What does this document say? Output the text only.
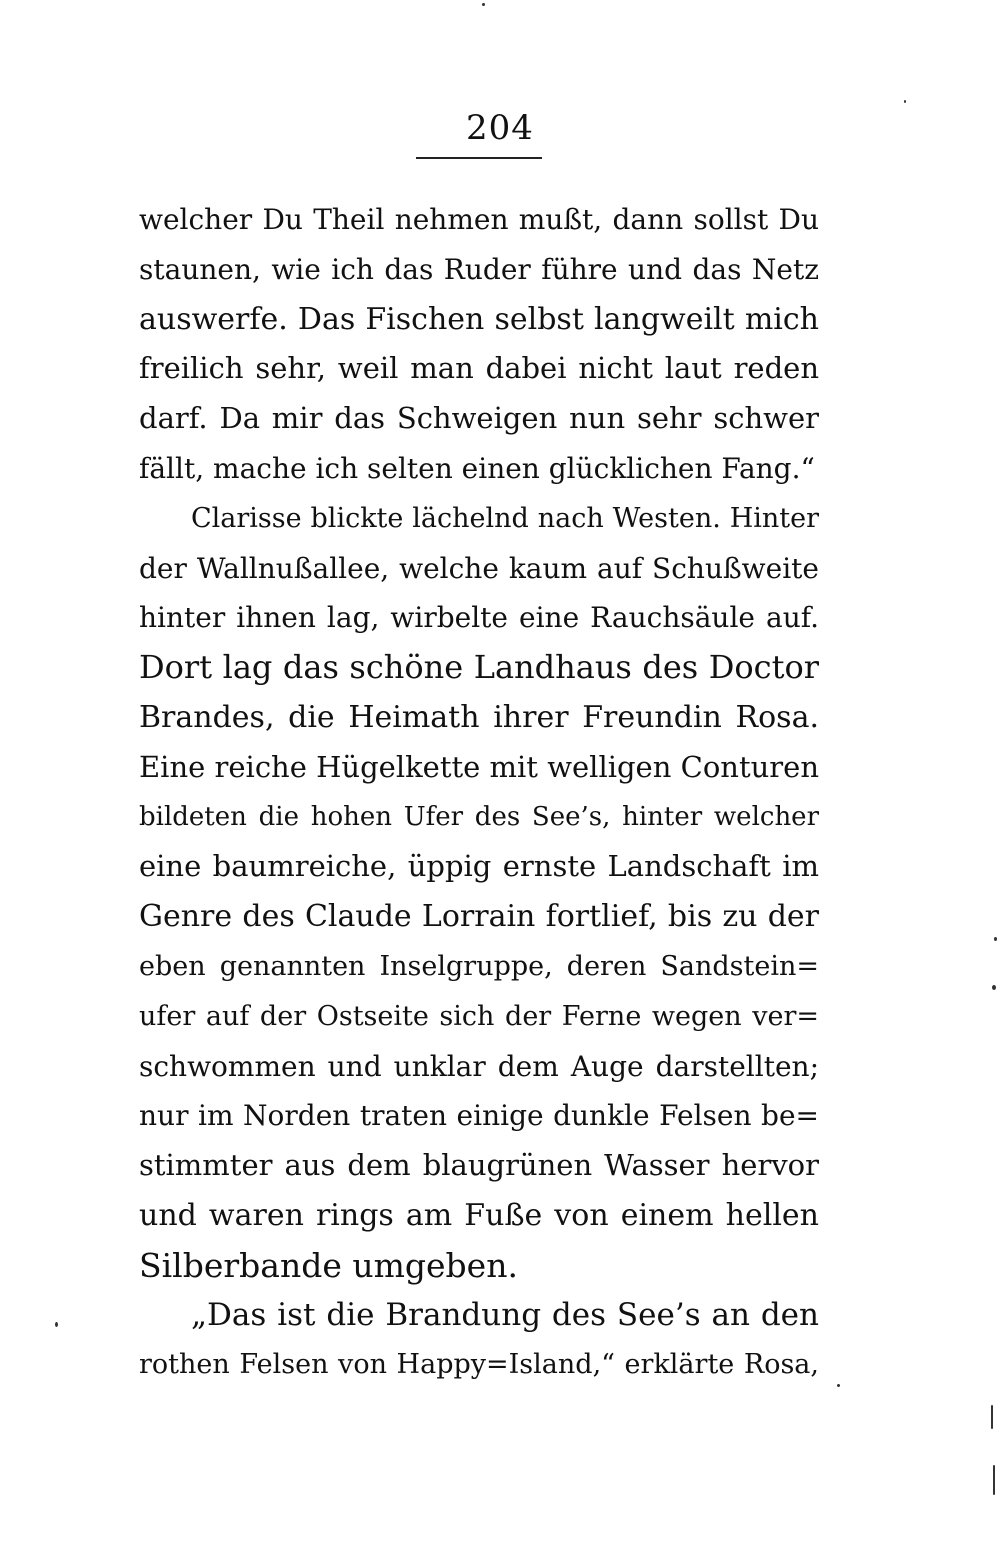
204
welcher Du Theil nehmen mußt, dann sollst Du
staunen, wie ich das Ruder führe und das Netz
auswerfe. Das Fischen selbst langweilt mich
freilich sehr, weil man dabei nicht laut reden
darf. Da mir das Schweigen nun sehr schwer
fällt, mache ich selten einen glücklichen Fang.“
Clarisse blickte lächelnd nach Westen. Hinter
der Wallnußallee, welche kaum auf Schußweite
hinter ihnen lag, wirbelte eine Rauchsäule auf.
Dort lag das schöne Landhaus des Doctor
Brandes, die Heimath ihrer Freundin Rosa.
Eine reiche Hügelkette mit welligen Conturen
bildeten die hohen Ufer des See’s, hinter welcher
eine baumreiche, üppig ernste Landschaft im
Genre des Claude Lorrain fortlief, bis zu der
eben genannten Inselgruppe, deren Sandstein=
ufer auf der Ostseite sich der Ferne wegen ver=
schwommen und unklar dem Auge darstellten;
nur im Norden traten einige dunkle Felsen be=
stimmter aus dem blaugrünen Wasser hervor
und waren rings am Fuße von einem hellen
Silberbande umgeben.
„Das ist die Brandung des See’s an den
rothen Felsen von Happy=Island,“ erklärte Rosa,
